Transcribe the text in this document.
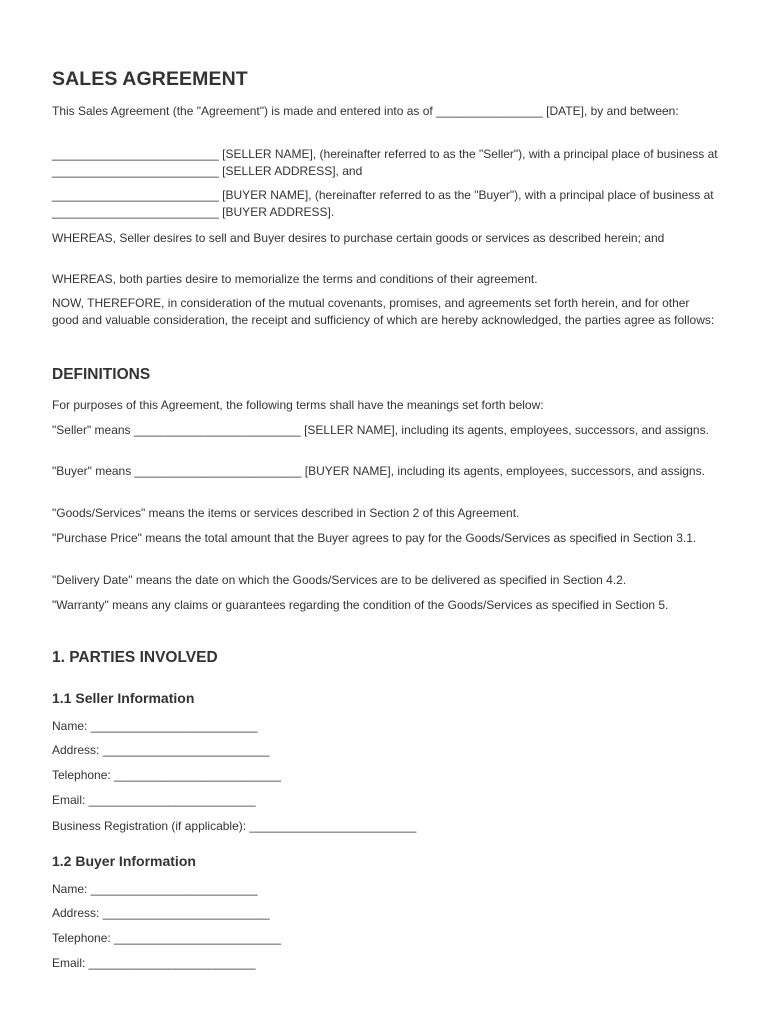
SALES AGREEMENT

This Sales Agreement (the "Agreement") is made and entered into as of ________________ [DATE], by and between:

_________________________ [SELLER NAME], (hereinafter referred to as the "Seller"), with a principal place of business at _________________________ [SELLER ADDRESS], and

_________________________ [BUYER NAME], (hereinafter referred to as the "Buyer"), with a principal place of business at _________________________ [BUYER ADDRESS].

WHEREAS, Seller desires to sell and Buyer desires to purchase certain goods or services as described herein; and

WHEREAS, both parties desire to memorialize the terms and conditions of their agreement.

NOW, THEREFORE, in consideration of the mutual covenants, promises, and agreements set forth herein, and for other good and valuable consideration, the receipt and sufficiency of which are hereby acknowledged, the parties agree as follows:

DEFINITIONS

For purposes of this Agreement, the following terms shall have the meanings set forth below:

"Seller" means _________________________ [SELLER NAME], including its agents, employees, successors, and assigns.

"Buyer" means _________________________ [BUYER NAME], including its agents, employees, successors, and assigns.

"Goods/Services" means the items or services described in Section 2 of this Agreement.

"Purchase Price" means the total amount that the Buyer agrees to pay for the Goods/Services as specified in Section 3.1.

"Delivery Date" means the date on which the Goods/Services are to be delivered as specified in Section 4.2.

"Warranty" means any claims or guarantees regarding the condition of the Goods/Services as specified in Section 5.

1. PARTIES INVOLVED
1.1 Seller Information
Name: _________________________
Address: _________________________
Telephone: _________________________
Email: _________________________
Business Registration (if applicable): _________________________
1.2 Buyer Information
Name: _________________________
Address: _________________________
Telephone: _________________________
Email: _________________________
